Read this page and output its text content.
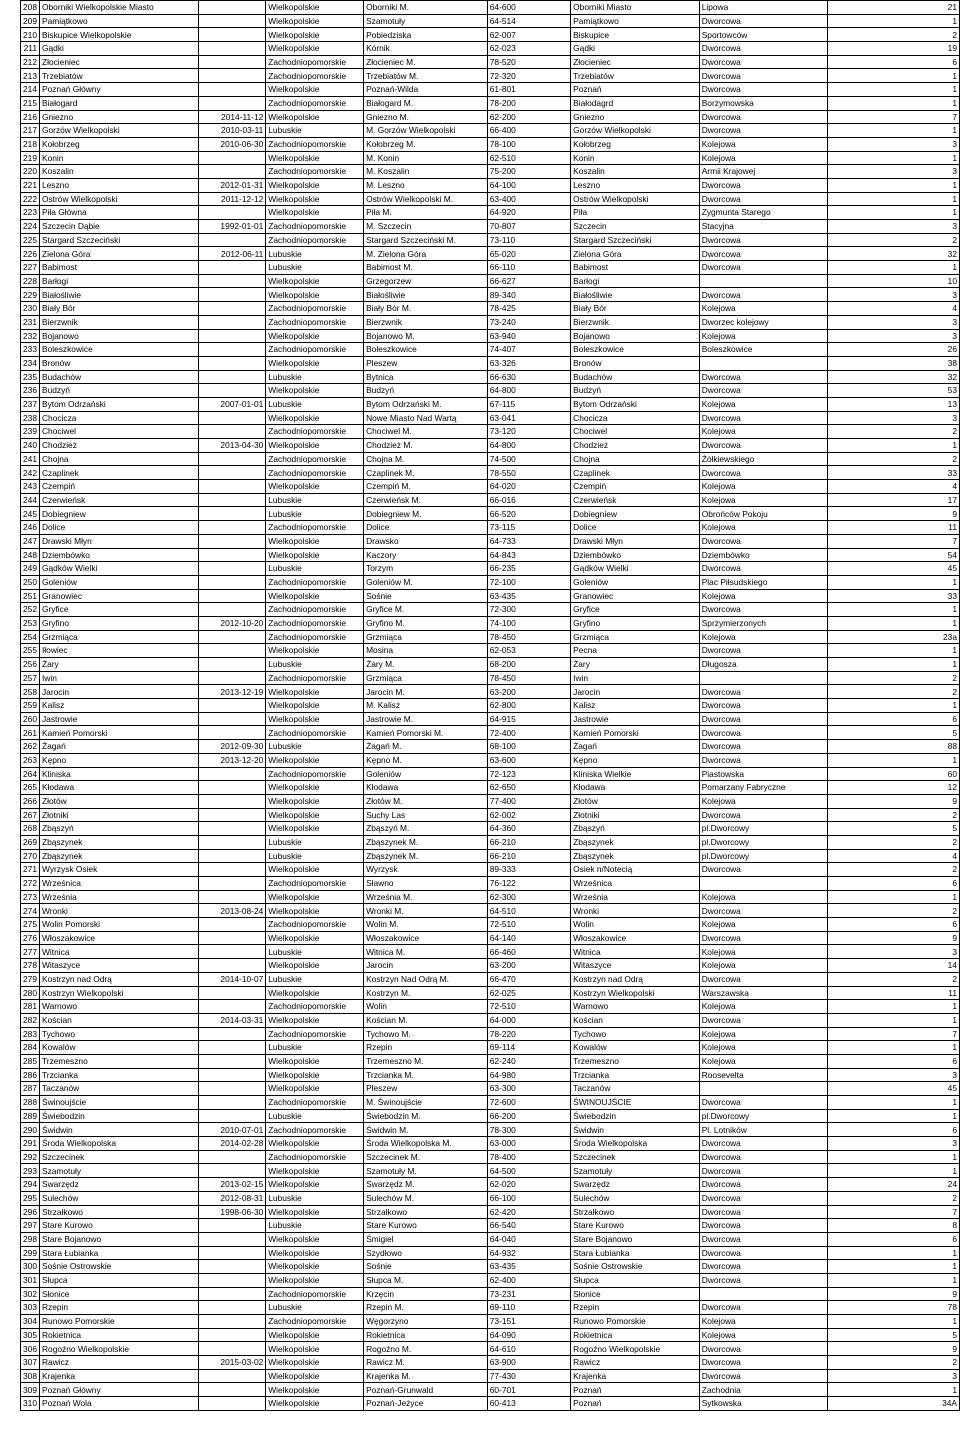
208	Oborniki Wielkopolskie Miasto		Wielkopolskie	Oborniki M.	64-600	Oborniki Miasto	Lipowa	21
209	Pamiątkowo		Wielkopolskie	Szamotuły	64-514	Pamiątkowo	Dworcowa	1
210	Biskupice Wielkopolskie		Wielkopolskie	Pobiedziska	62-007	Biskupice	Sportowców	2
211	Gądki		Wielkopolskie	Kórnik	62-023	Gądki	Dworcowa	19
212	Złocieniec		Zachodniopomorskie	Złocieniec M.	78-520	Złocieniec	Dworcowa	6
213	Trzebiatów		Zachodniopomorskie	Trzebiatów M.	72-320	Trzebiatów	Dworcowa	1
214	Poznań Główny		Wielkopolskie	Poznań-Wilda	61-801	Poznań	Dworcowa	1
215	Białogard		Zachodniopomorskie	Białogard M.	78-200	Białodagrd	Borzymowska	1
216	Gniezno	2014-11-12	Wielkopolskie	Gniezno M.	62-200	Gniezno	Dworcowa	7
217	Gorzów Wielkopolski	2010-03-11	Lubuskie	M. Gorzów Wielkopolski	66-400	Gorzów Wielkopolski	Dworcowa	1
218	Kołobrzeg	2010-06-30	Zachodniopomorskie	Kołobrzeg M.	78-100	Kołobrzeg	Kolejowa	3
219	Konin		Wielkopolskie	M. Konin	62-510	Konin	Kolejowa	1
220	Koszalin		Zachodniopomorskie	M. Koszalin	75-200	Koszalin	Armii Krajowej	3
221	Leszno	2012-01-31	Wielkopolskie	M. Leszno	64-100	Leszno	Dworcowa	1
222	Ostrów Wielkopolski	2011-12-12	Wielkopolskie	Ostrów Wielkopolski M.	63-400	Ostrów Wielkopolski	Dworcowa	1
223	Piła Główna		Wielkopolskie	Piła M.	64-920	Piła	Zygmunta Starego	1
224	Szczecin Dąbie	1992-01-01	Zachodniopomorskie	M. Szczecin	70-807	Szczecin	Stacyjna	3
225	Stargard Szczeciński		Zachodniopomorskie	Stargard Szczeciński M.	73-110	Stargard Szczeciński	Dworcowa	2
226	Zielona Góra	2012-06-11	Lubuskie	M. Zielona Góra	65-020	Zielona Góra	Dworcowa	32
227	Babimost		Lubuskie	Babimost M.	66-110	Babimost	Dworcowa	1
228	Barłogi		Wielkopolskie	Grzegorzew	66-627	Barłogi		10
229	Białośliwie		Wielkopolskie	Białośliwie	89-340	Białośliwie	Dworcowa	3
230	Biały Bór		Zachodniopomorskie	Biały Bór M.	78-425	Biały Bór	Kolejowa	4
231	Bierzwnik		Zachodniopomorskie	Bierzwnik	73-240	Bierzwnik	Dworzec kolejowy	3
232	Bojanowo		Wielkopolskie	Bojanowo M.	63-940	Bojanowo	Kolejowa	3
233	Boleszkowice		Zachodniopomorskie	Boleszkowice	74-407	Boleszkowice	Boleszkowice	26
234	Bronów		Wielkopolskie	Pleszew	63-326	Bronów		38
235	Budachów		Lubuskie	Bytnica	66-630	Budachów	Dworcowa	32
236	Budzyń		Wielkopolskie	Budzyń	64-800	Budzyń	Dworcowa	53
237	Bytom Odrzański	2007-01-01	Lubuskie	Bytom Odrzański M.	67-115	Bytom Odrzański	Kolejowa	13
238	Chocicza		Wielkopolskie	Nowe Miasto Nad Wartą	63-041	Chocicza	Dworcowa	3
239	Chociwel		Zachodniopomorskie	Chociwel M.	73-120	Chociwel	Kolejowa	2
240	Chodzież	2013-04-30	Wielkopolskie	Chodzież M.	64-800	Chodzież	Dworcowa	1
241	Chojna		Zachodniopomorskie	Chojna M.	74-500	Chojna	Żółkiewskiego	2
242	Czaplinek		Zachodniopomorskie	Czaplinek M.	78-550	Czaplinek	Dworcowa	33
243	Czempiń		Wielkopolskie	Czempiń M.	64-020	Czempiń	Kolejowa	4
244	Czerwieńsk		Lubuskie	Czerwieńsk M.	66-016	Czerwieńsk	Kolejowa	17
245	Dobiegniew		Lubuskie	Dobiegniew M.	66-520	Dobiegniew	Obrońców Pokoju	9
246	Dolice		Zachodniopomorskie	Dolice	73-115	Dolice	Kolejowa	11
247	Drawski Młyn		Wielkopolskie	Drawsko	64-733	Drawski Młyn	Dworcowa	7
248	Dziembówko		Wielkopolskie	Kaczory	64-843	Dziembówko	Dziembówko	54
249	Gądków Wielki		Lubuskie	Torzym	66-235	Gądków Wielki	Dworcowa	45
250	Goleniów		Zachodniopomorskie	Goleniów M.	72-100	Goleniów	Plac Piłsudskiego	1
251	Granowiec		Wielkopolskie	Sośnie	63-435	Granowiec	Kolejowa	33
252	Gryfice		Zachodniopomorskie	Gryfice M.	72-300	Gryfice	Dworcowa	1
253	Gryfino	2012-10-20	Zachodniopomorskie	Gryfino M.	74-100	Gryfino	Sprzymierzonych	1
254	Grzmiąca		Zachodniopomorskie	Grzmiąca	78-450	Grzmiąca	Kolejowa	23a
255	Iłowiec		Wielkopolskie	Mosina	62-053	Pecna	Dworcowa	1
256	Żary		Lubuskie	Żary M.	68-200	Żary	Długosza	1
257	Iwin		Zachodniopomorskie	Grzmiąca	78-450	Iwin		2
258	Jarocin	2013-12-19	Wielkopolskie	Jarocin M.	63-200	Jarocin	Dworcowa	2
259	Kalisz		Wielkopolskie	M. Kalisz	62-800	Kalisz	Dworcowa	1
260	Jastrowie		Wielkopolskie	Jastrowie M.	64-915	Jastrowie	Dworcowa	6
261	Kamień Pomorski		Zachodniopomorskie	Kamień Pomorski M.	72-400	Kamień Pomorski	Dworcowa	5
262	Żagań	2012-09-30	Lubuskie	Żagań M.	68-100	Żagań	Dworcowa	88
263	Kępno	2013-12-20	Wielkopolskie	Kępno M.	63-600	Kępno	Dworcowa	1
264	Kliniska		Zachodniopomorskie	Goleniów	72-123	Kliniska Wielkie	Piastowska	60
265	Kłodawa		Wielkopolskie	Kłodawa	62-650	Kłodawa	Pomarzany Fabryczne	12
266	Złotów		Wielkopolskie	Złotów M.	77-400	Złotów	Kolejowa	9
267	Złotniki		Wielkopolskie	Suchy Las	62-002	Złotniki	Dworcowa	2
268	Zbąszyń		Wielkopolskie	Zbąszyń M.	64-360	Zbąszyń	pl.Dworcowy	5
269	Zbąszynek		Lubuskie	Zbąszynek M.	66-210	Zbąszynek	pl.Dworcowy	2
270	Zbąszynek		Lubuskie	Zbąszynek M.	66-210	Zbąszynek	pl.Dworcowy	4
271	Wyrzysk Osiek		Wielkopolskie	Wyrzysk	89-333	Osiek n/Notecią	Dworcowa	2
272	Wrześnica		Zachodniopomorskie	Sławno	76-122	Wrześnica		6
273	Września		Wielkopolskie	Września M.	62-300	Września	Kolejowa	1
274	Wronki	2013-08-24	Wielkopolskie	Wronki M.	64-510	Wronki	Dworcowa	2
275	Wolin Pomorski		Zachodniopomorskie	Wolin M.	72-510	Wolin	Kolejowa	6
276	Włoszakowice		Wielkopolskie	Włoszakowice	64-140	Włoszakowice	Dworcowa	9
277	Witnica		Lubuskie	Witnica M.	66-460	Witnica	Kolejowa	3
278	Witaszyce		Wielkopolskie	Jarocin	63-200	Witaszyce	Kolejowa	14
279	Kostrzyn nad Odrą	2014-10-07	Lubuskie	Kostrzyn Nad Odrą M.	66-470	Kostrzyn nad Odrą	Dworcowa	2
280	Kostrzyn Wielkopolski		Wielkopolskie	Kostrzyn M.	62-025	Kostrzyn Wielkopolski	Warszawska	11
281	Warnowo		Zachodniopomorskie	Wolin	72-510	Warnowo	Kolejowa	1
282	Kościan	2014-03-31	Wielkopolskie	Kościan M.	64-000	Kościan	Dworcowa	1
283	Tychowo		Zachodniopomorskie	Tychowo M.	78-220	Tychowo	Kolejowa	7
284	Kowalów		Lubuskie	Rzepin	69-114	Kowalów	Kolejowa	1
285	Trzemeszno		Wielkopolskie	Trzemeszno M.	62-240	Trzemeszno	Kolejowa	6
286	Trzcianka		Wielkopolskie	Trzcianka M.	64-980	Trzcianka	Roosevelta	3
287	Taczanów		Wielkopolskie	Pleszew	63-300	Taczanów		45
288	Świnoujście		Zachodniopomorskie	M. Świnoujście	72-600	ŚWINOUJŚCIE	Dworcowa	1
289	Świebodzin		Lubuskie	Świebodzin M.	66-200	Świebodzin	pl.Dworcowy	1
290	Świdwin	2010-07-01	Zachodniopomorskie	Świdwin M.	78-300	Świdwin	Pl. Lotników	6
291	Środa Wielkopolska	2014-02-28	Wielkopolskie	Środa Wielkopolska M.	63-000	Środa Wielkopolska	Dworcowa	3
292	Szczecinek		Zachodniopomorskie	Szczecinek M.	78-400	Szczecinek	Dworcowa	1
293	Szamotuły		Wielkopolskie	Szamotuły M.	64-500	Szamotuły	Dworcowa	1
294	Swarzędz	2013-02-15	Wielkopolskie	Swarzędz M.	62-020	Swarzędz	Dworcowa	24
295	Sulechów	2012-08-31	Lubuskie	Sulechów M.	66-100	Sulechów	Dworcowa	2
296	Strzałkowo	1998-06-30	Wielkopolskie	Strzałkowo	62-420	Strzałkowo	Dworcowa	7
297	Stare Kurowo		Lubuskie	Stare Kurowo	66-540	Stare Kurowo	Dworcowa	8
298	Stare Bojanowo		Wielkopolskie	Śmigiel	64-040	Stare Bojanowo	Dworcowa	6
299	Stara Łubianka		Wielkopolskie	Szydłowo	64-932	Stara Łubianka	Dworcowa	1
300	Sośnie Ostrowskie		Wielkopolskie	Sośnie	63-435	Sośnie Ostrowskie	Dworcowa	1
301	Słupca		Wielkopolskie	Słupca M.	62-400	Słupca	Dworcowa	1
302	Słonice		Zachodniopomorskie	Krzęcin	73-231	Słonice		9
303	Rzepin		Lubuskie	Rzepin M.	69-110	Rzepin	Dworcowa	78
304	Runowo Pomorskie		Zachodniopomorskie	Węgorzyno	73-151	Runowo Pomorskie	Kolejowa	1
305	Rokietnica		Wielkopolskie	Rokietnica	64-090	Rokietnica	Kolejowa	5
306	Rogoźno Wielkopolskie		Wielkopolskie	Rogoźno M.	64-610	Rogoźno Wielkopolskie	Dworcowa	9
307	Rawicz	2015-03-02	Wielkopolskie	Rawicz M.	63-900	Rawicz	Dworcowa	2
308	Krajenka		Wielkopolskie	Krajenka M.	77-430	Krajenka	Dworcowa	3
309	Poznań Główny		Wielkopolskie	Poznań-Grunwald	60-701	Poznań	Zachodnia	1
310	Poznań Wola		Wielkopolskie	Poznań-Jeżyce	60-413	Poznań	Sytkowska	34A
